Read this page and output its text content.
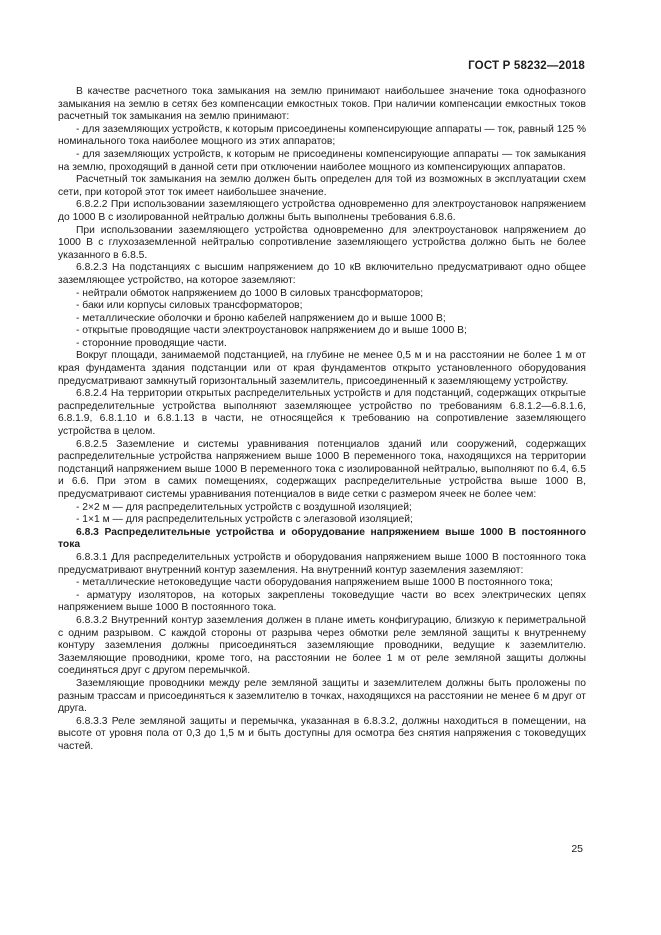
ГОСТ Р 58232—2018

В качестве расчетного тока замыкания на землю принимают наибольшее значение тока однофазного замыкания на землю в сетях без компенсации емкостных токов. При наличии компенсации емкостных токов расчетный ток замыкания на землю принимают:

- для заземляющих устройств, к которым присоединены компенсирующие аппараты — ток, равный 125 % номинального тока наиболее мощного из этих аппаратов;

- для заземляющих устройств, к которым не присоединены компенсирующие аппараты — ток замыкания на землю, проходящий в данной сети при отключении наиболее мощного из компенсирующих аппаратов.

Расчетный ток замыкания на землю должен быть определен для той из возможных в эксплуатации схем сети, при которой этот ток имеет наибольшее значение.

6.8.2.2 При использовании заземляющего устройства одновременно для электроустановок напряжением до 1000 В с изолированной нейтралью должны быть выполнены требования 6.8.6.

При использовании заземляющего устройства одновременно для электроустановок напряжением до 1000 В с глухозаземленной нейтралью сопротивление заземляющего устройства должно быть не более указанного в 6.8.5.

6.8.2.3 На подстанциях с высшим напряжением до 10 кВ включительно предусматривают одно общее заземляющее устройство, на которое заземляют:

- нейтрали обмоток напряжением до 1000 В силовых трансформаторов;

- баки или корпусы силовых трансформаторов;

- металлические оболочки и броню кабелей напряжением до и выше 1000 В;

- открытые проводящие части электроустановок напряжением до и выше 1000 В;

- сторонние проводящие части.

Вокруг площади, занимаемой подстанцией, на глубине не менее 0,5 м и на расстоянии не более 1 м от края фундамента здания подстанции или от края фундаментов открыто установленного оборудования предусматривают замкнутый горизонтальный заземлитель, присоединенный к заземляющему устройству.

6.8.2.4 На территории открытых распределительных устройств и для подстанций, содержащих открытые распределительные устройства выполняют заземляющее устройство по требованиям 6.8.1.2—6.8.1.6, 6.8.1.9, 6.8.1.10 и 6.8.1.13 в части, не относящейся к требованию на сопротивление заземляющего устройства в целом.

6.8.2.5 Заземление и системы уравнивания потенциалов зданий или сооружений, содержащих распределительные устройства напряжением выше 1000 В переменного тока, находящихся на территории подстанций напряжением выше 1000 В переменного тока с изолированной нейтралью, выполняют по 6.4, 6.5 и 6.6. При этом в самих помещениях, содержащих распределительные устройства выше 1000 В, предусматривают системы уравнивания потенциалов в виде сетки с размером ячеек не более чем:

- 2×2 м — для распределительных устройств с воздушной изоляцией;

- 1×1 м — для распределительных устройств с элегазовой изоляцией;

6.8.3 Распределительные устройства и оборудование напряжением выше 1000 В постоянного тока

6.8.3.1 Для распределительных устройств и оборудования напряжением выше 1000 В постоянного тока предусматривают внутренний контур заземления. На внутренний контур заземления заземляют:

- металлические нетоковедущие части оборудования напряжением выше 1000 В постоянного тока;

- арматуру изоляторов, на которых закреплены токоведущие части во всех электрических цепях напряжением выше 1000 В постоянного тока.

6.8.3.2 Внутренний контур заземления должен в плане иметь конфигурацию, близкую к периметральной с одним разрывом. С каждой стороны от разрыва через обмотки реле земляной защиты к внутреннему контуру заземления должны присоединяться заземляющие проводники, ведущие к заземлителю. Заземляющие проводники, кроме того, на расстоянии не более 1 м от реле земляной защиты должны соединяться друг с другом перемычкой.

Заземляющие проводники между реле земляной защиты и заземлителем должны быть проложены по разным трассам и присоединяться к заземлителю в точках, находящихся на расстоянии не менее 6 м друг от друга.

6.8.3.3 Реле земляной защиты и перемычка, указанная в 6.8.3.2, должны находиться в помещении, на высоте от уровня пола от 0,3 до 1,5 м и быть доступны для осмотра без снятия напряжения с токоведущих частей.

25
